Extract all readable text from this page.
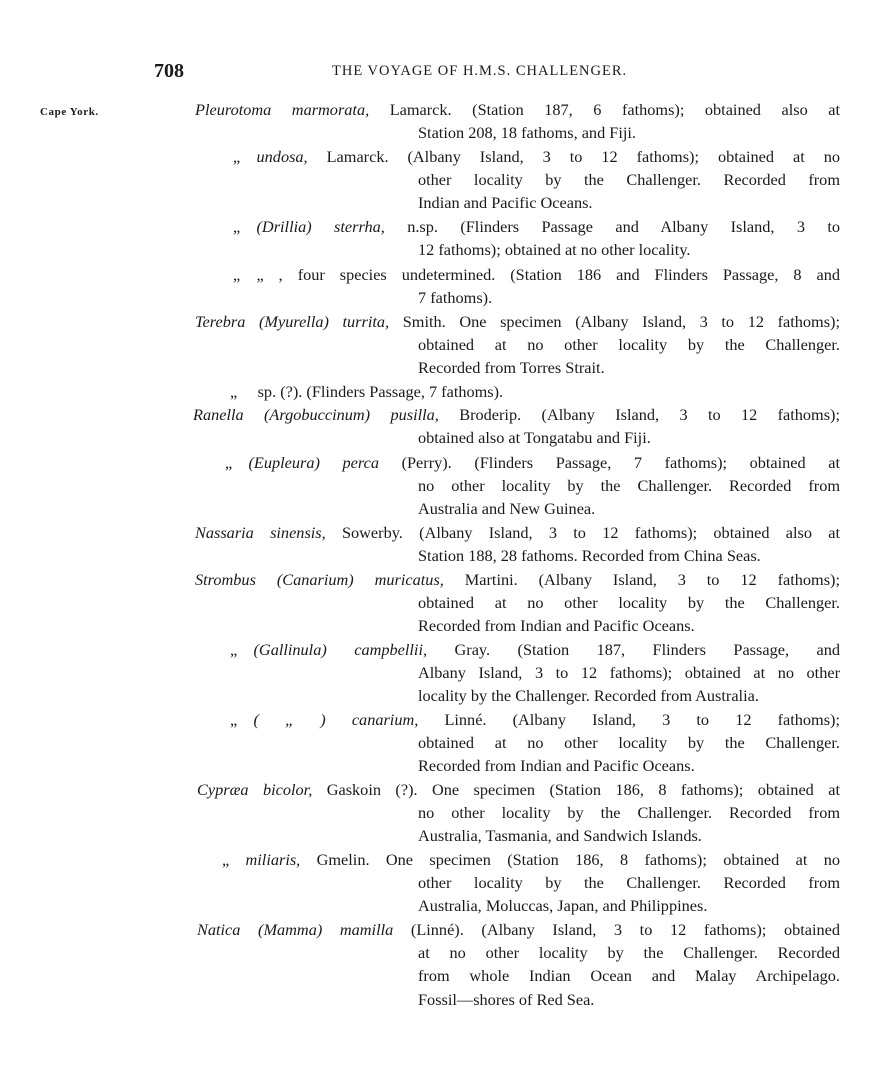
708	THE VOYAGE OF H.M.S. CHALLENGER.
Cape York.	Pleurotoma marmorata, Lamarck. (Station 187, 6 fathoms); obtained also at
Station 208, 18 fathoms, and Fiji.
„ undosa, Lamarck. (Albany Island, 3 to 12 fathoms); obtained at no
other locality by the Challenger. Recorded from
Indian and Pacific Oceans.
„ (Drillia) sterrha, n.sp. (Flinders Passage and Albany Island, 3 to
12 fathoms); obtained at no other locality.
„ „ , four species undetermined. (Station 186 and Flinders Passage, 8 and
7 fathoms).
Terebra (Myurella) turrita, Smith. One specimen (Albany Island, 3 to 12 fathoms);
obtained at no other locality by the Challenger.
Recorded from Torres Strait.
„  sp. (?). (Flinders Passage, 7 fathoms).
Ranella (Argobuccinum) pusilla, Broderip. (Albany Island, 3 to 12 fathoms);
obtained also at Tongatabu and Fiji.
„ (Eupleura) perca (Perry). (Flinders Passage, 7 fathoms); obtained at
no other locality by the Challenger. Recorded from
Australia and New Guinea.
Nassaria sinensis, Sowerby. (Albany Island, 3 to 12 fathoms); obtained also at
Station 188, 28 fathoms. Recorded from China Seas.
Strombus (Canarium) muricatus, Martini. (Albany Island, 3 to 12 fathoms);
obtained at no other locality by the Challenger.
Recorded from Indian and Pacific Oceans.
„ (Gallinula) campbellii, Gray. (Station 187, Flinders Passage, and
Albany Island, 3 to 12 fathoms); obtained at no other
locality by the Challenger. Recorded from Australia.
„ ( „ ) canarium, Linné. (Albany Island, 3 to 12 fathoms);
obtained at no other locality by the Challenger.
Recorded from Indian and Pacific Oceans.
Cypræa bicolor, Gaskoin (?). One specimen (Station 186, 8 fathoms); obtained at
no other locality by the Challenger. Recorded from
Australia, Tasmania, and Sandwich Islands.
„ miliaris, Gmelin. One specimen (Station 186, 8 fathoms); obtained at no
other locality by the Challenger. Recorded from
Australia, Moluccas, Japan, and Philippines.
Natica (Mamma) mamilla (Linné). (Albany Island, 3 to 12 fathoms); obtained
at no other locality by the Challenger. Recorded
from whole Indian Ocean and Malay Archipelago.
Fossil—shores of Red Sea.
